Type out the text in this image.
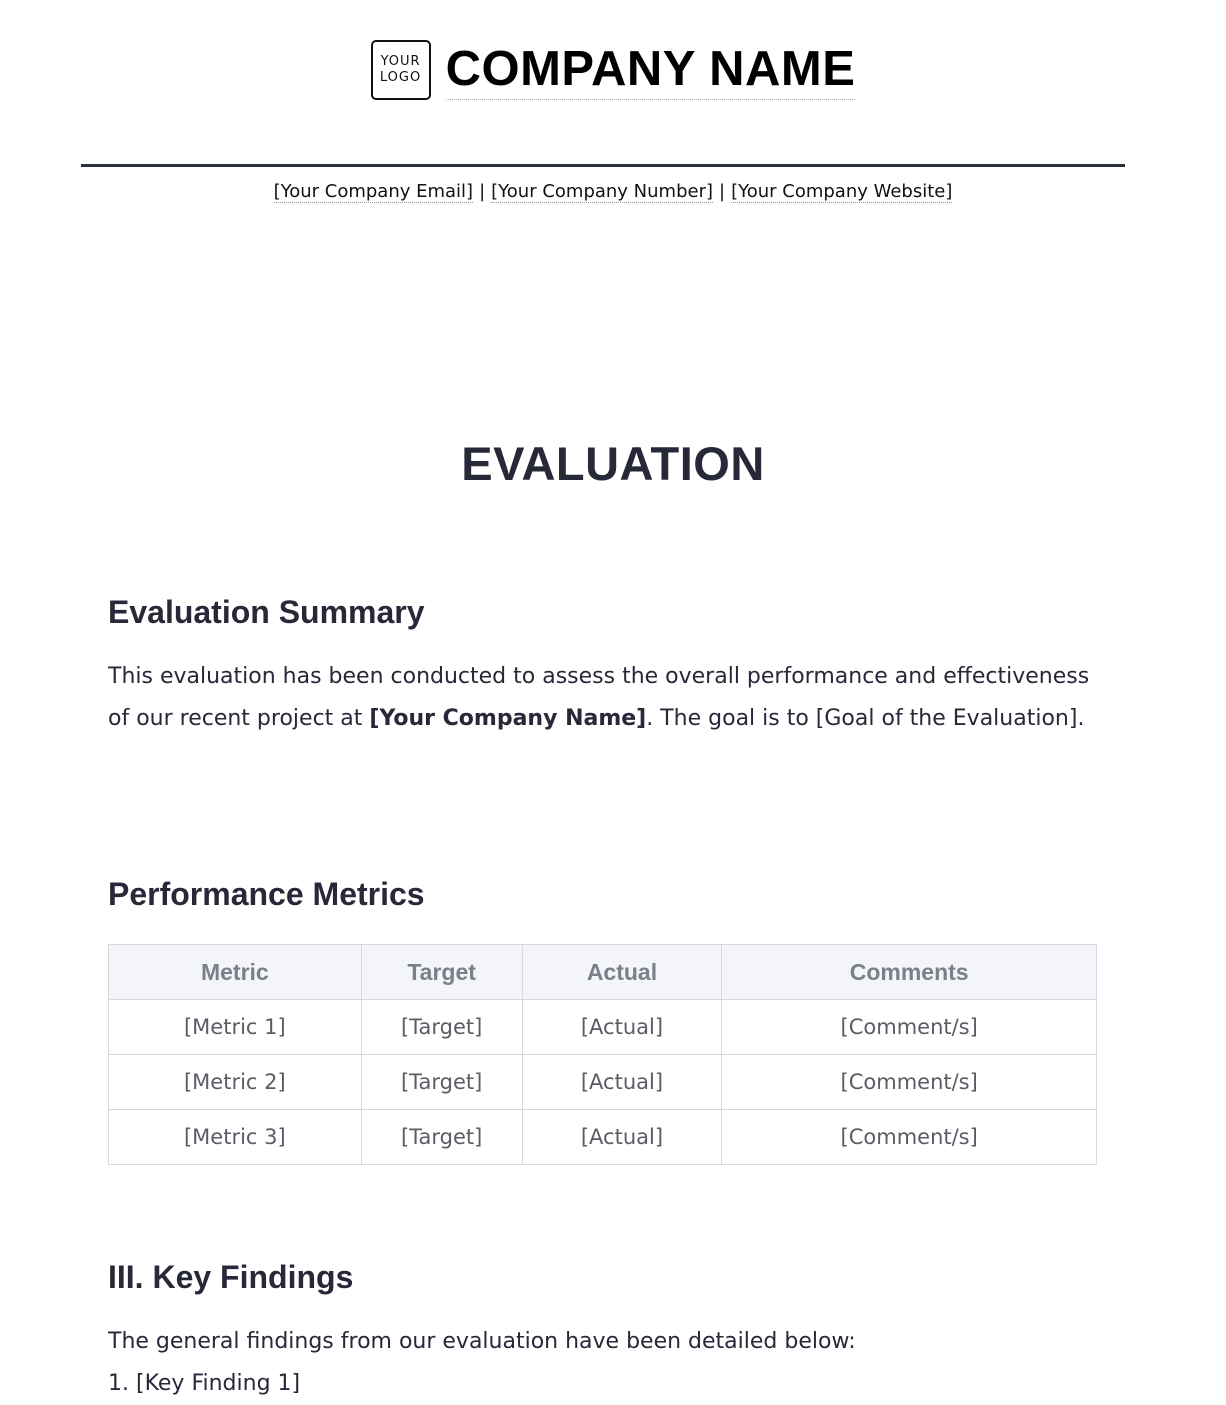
YOUR
LOGO COMPANY NAME
[Your Company Email] | [Your Company Number] | [Your Company Website]
EVALUATION
Evaluation Summary

This evaluation has been conducted to assess the overall performance and effectiveness of our recent project at [Your Company Name]. The goal is to [Goal of the Evaluation].

Performance Metrics
Metric	Target	Actual	Comments
[Metric 1]	[Target]	[Actual]	[Comment/s]
[Metric 2]	[Target]	[Actual]	[Comment/s]
[Metric 3]	[Target]	[Actual]	[Comment/s]
III. Key Findings

The general findings from our evaluation have been detailed below:

1. [Key Finding 1]
